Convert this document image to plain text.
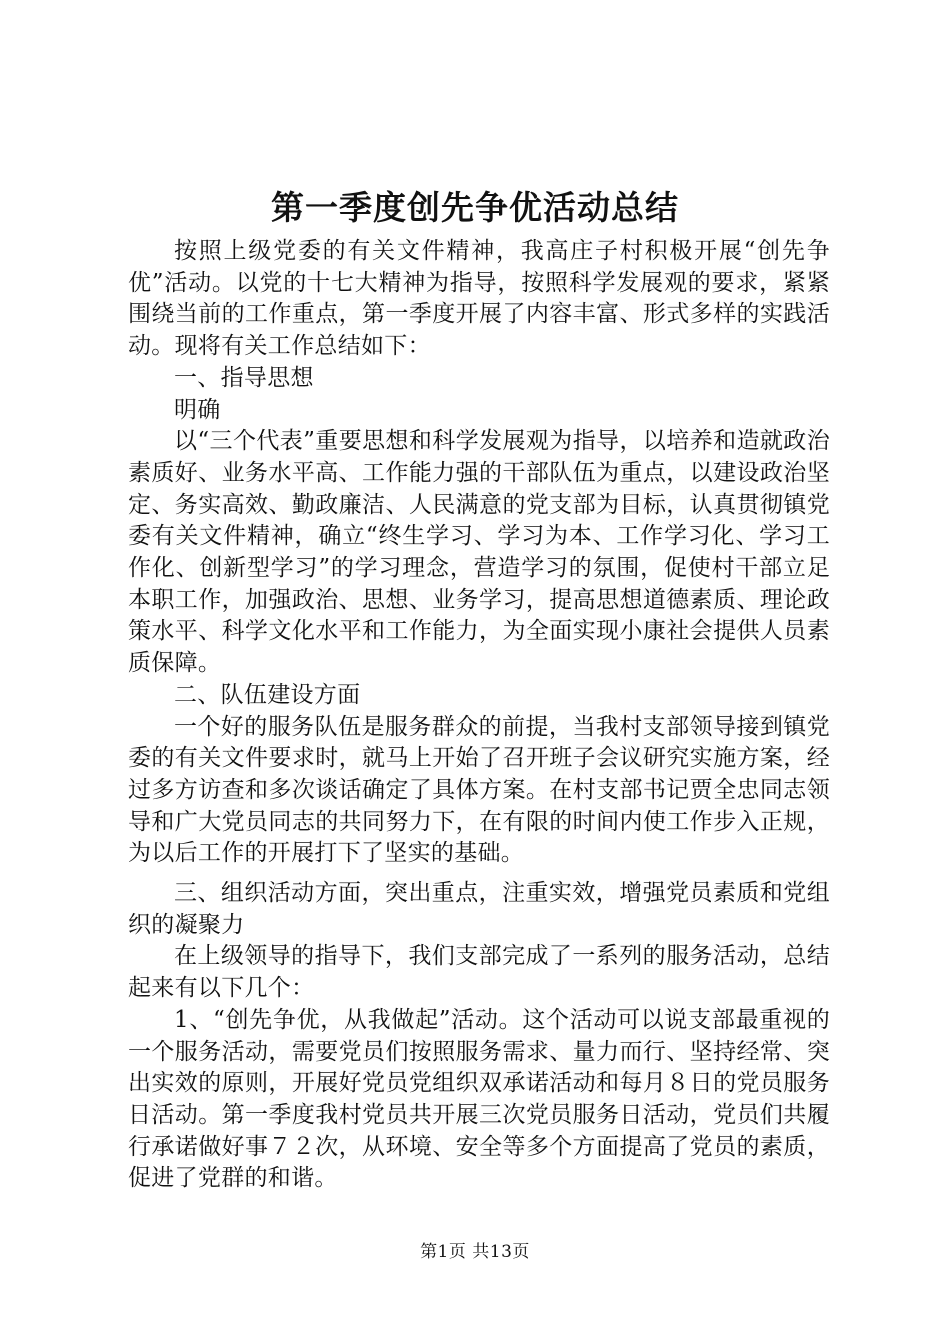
第一季度创先争优活动总结

按照上级党委的有关文件精神，我高庄子村积极开展“创先争优”活动。以党的十七大精神为指导，按照科学发展观的要求，紧紧围绕当前的工作重点，第一季度开展了内容丰富、形式多样的实践活动。现将有关工作总结如下：

一、指导思想

明确

以“三个代表”重要思想和科学发展观为指导，以培养和造就政治素质好、业务水平高、工作能力强的干部队伍为重点，以建设政治坚定、务实高效、勤政廉洁、人民满意的党支部为目标，认真贯彻镇党委有关文件精神，确立“终生学习、学习为本、工作学习化、学习工作化、创新型学习”的学习理念，营造学习的氛围，促使村干部立足本职工作，加强政治、思想、业务学习，提高思想道德素质、理论政策水平、科学文化水平和工作能力，为全面实现小康社会提供人员素质保障。

二、队伍建设方面

一个好的服务队伍是服务群众的前提，当我村支部领导接到镇党委的有关文件要求时，就马上开始了召开班子会议研究实施方案，经过多方访查和多次谈话确定了具体方案。在村支部书记贾全忠同志领导和广大党员同志的共同努力下，在有限的时间内使工作步入正规，为以后工作的开展打下了坚实的基础。

三、组织活动方面，突出重点，注重实效，增强党员素质和党组织的凝聚力

在上级领导的指导下，我们支部完成了一系列的服务活动，总结起来有以下几个：

1、“创先争优，从我做起”活动。这个活动可以说支部最重视的一个服务活动，需要党员们按照服务需求、量力而行、坚持经常、突出实效的原则，开展好党员党组织双承诺活动和每月８日的党员服务日活动。第一季度我村党员共开展三次党员服务日活动，党员们共履行承诺做好事７２次，从环境、安全等多个方面提高了党员的素质，促进了党群的和谐。

第1页 共13页
